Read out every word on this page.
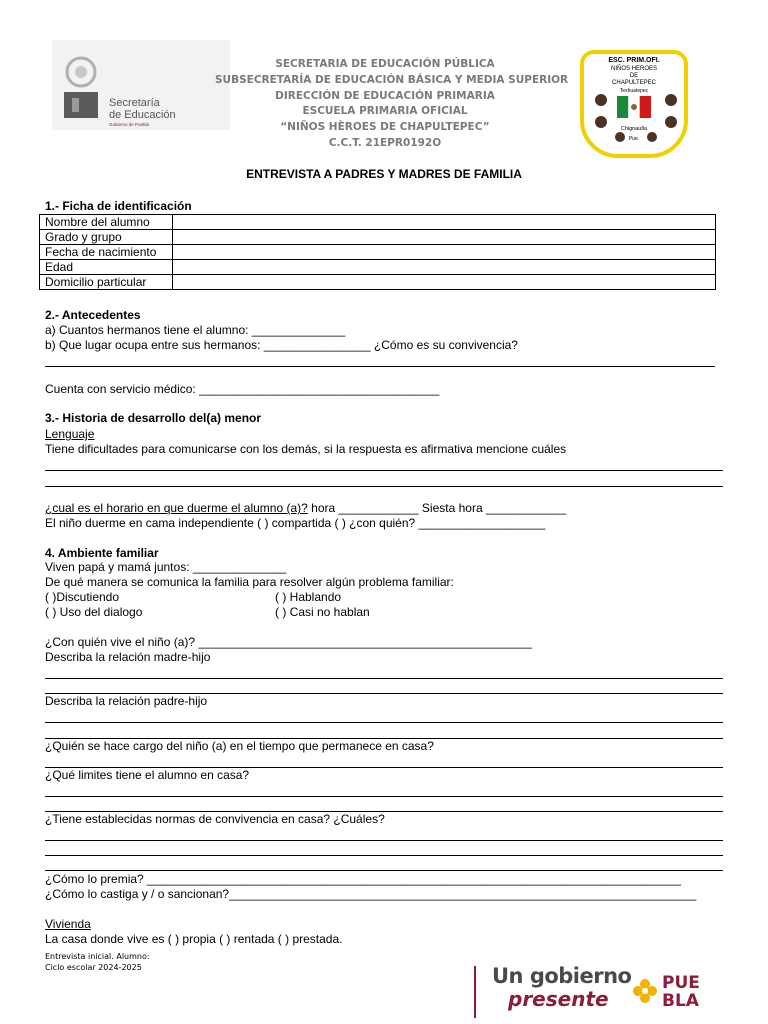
Secretaría
de Educación
Gobierno de Puebla
SECRETARIA DE EDUCACIÓN PÚBLICA
SUBSECRETARÍA DE EDUCACIÓN BÁSICA Y MEDIA SUPERIOR
DIRECCIÓN DE EDUCACIÓN PRIMARIA
ESCUELA PRIMARIA OFICIAL
“NIÑOS HÈROES DE CHAPULTEPEC”
C.C.T. 21EPR0192O
ESC. PRIM.OFI.
NIÑOS HEROES
DE
CHAPULTEPEC
Texhuatepec
Chignautla
Pue.
ENTREVISTA A PADRES Y MADRES DE FAMILIA
1.- Ficha de identificación
Nombre del alumno	
Grado y grupo	
Fecha de nacimiento	
Edad	
Domicilio particular	
2.- Antecedentes
a) Cuantos hermanos tiene el alumno: ______________
b) Que lugar ocupa entre sus hermanos: ________________ ¿Cómo es su convivencia?
Cuenta con servicio médico: ____________________________________
3.- Historia de desarrollo del(a) menor
Lenguaje
Tiene dificultades para comunicarse con los demás, si la respuesta es afirmativa mencione cuáles
¿cual es el horario en que duerme el alumno (a)? hora ____________ Siesta hora ____________
El niño duerme en cama independiente ( ) compartida ( ) ¿con quién? ___________________
4. Ambiente familiar
Viven papá y mamá juntos: ______________
De qué manera se comunica la familia para resolver algún problema familiar:
( )Discutiendo	( ) Hablando
( ) Uso del dialogo	( ) Casi no hablan
¿Con quién vive el niño (a)? __________________________________________________
Describa la relación madre-hijo
Describa la relación padre-hijo
¿Quién se hace cargo del niño (a) en el tiempo que permanece en casa?
¿Qué limites tiene el alumno en casa?
¿Tiene establecidas normas de convivencia en casa? ¿Cuáles?
¿Cómo lo premia? ________________________________________________________________________________
¿Cómo lo castiga y / o sancionan?______________________________________________________________________
Vivienda
La casa donde vive es ( ) propia ( ) rentada ( ) prestada.
Entrevista inicial. Alumno:
Ciclo escolar 2024-2025	Un gobierno
presente
PUE
BLA
